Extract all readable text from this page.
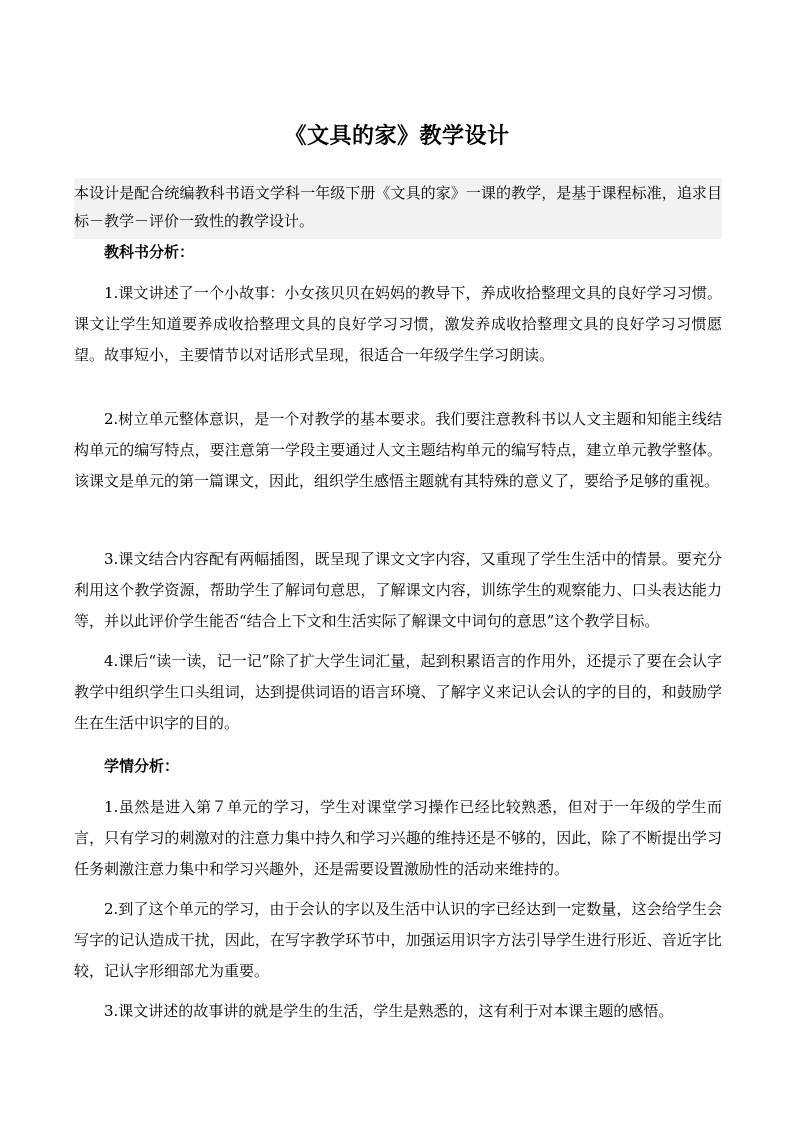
《文具的家》教学设计
本设计是配合统编教科书语文学科一年级下册《文具的家》一课的教学，是基于课程标准，追求目标－教学－评价一致性的教学设计。
教科书分析：
1.课文讲述了一个小故事：小女孩贝贝在妈妈的教导下，养成收拾整理文具的良好学习习惯。课文让学生知道要养成收拾整理文具的良好学习习惯，激发养成收拾整理文具的良好学习习惯愿望。故事短小，主要情节以对话形式呈现，很适合一年级学生学习朗读。
2.树立单元整体意识，是一个对教学的基本要求。我们要注意教科书以人文主题和知能主线结构单元的编写特点，要注意第一学段主要通过人文主题结构单元的编写特点，建立单元教学整体。该课文是单元的第一篇课文，因此，组织学生感悟主题就有其特殊的意义了，要给予足够的重视。
3.课文结合内容配有两幅插图，既呈现了课文文字内容，又重现了学生生活中的情景。要充分利用这个教学资源，帮助学生了解词句意思，了解课文内容，训练学生的观察能力、口头表达能力等，并以此评价学生能否“结合上下文和生活实际了解课文中词句的意思”这个教学目标。
4.课后“读一读，记一记”除了扩大学生词汇量，起到积累语言的作用外，还提示了要在会认字教学中组织学生口头组词，达到提供词语的语言环境、了解字义来记认会认的字的目的，和鼓励学生在生活中识字的目的。
学情分析：
1.虽然是进入第７单元的学习，学生对课堂学习操作已经比较熟悉，但对于一年级的学生而言，只有学习的刺激对的注意力集中持久和学习兴趣的维持还是不够的，因此，除了不断提出学习任务刺激注意力集中和学习兴趣外，还是需要设置激励性的活动来维持的。
2.到了这个单元的学习，由于会认的字以及生活中认识的字已经达到一定数量，这会给学生会写字的记认造成干扰，因此，在写字教学环节中，加强运用识字方法引导学生进行形近、音近字比较，记认字形细部尤为重要。
3.课文讲述的故事讲的就是学生的生活，学生是熟悉的，这有利于对本课主题的感悟。
